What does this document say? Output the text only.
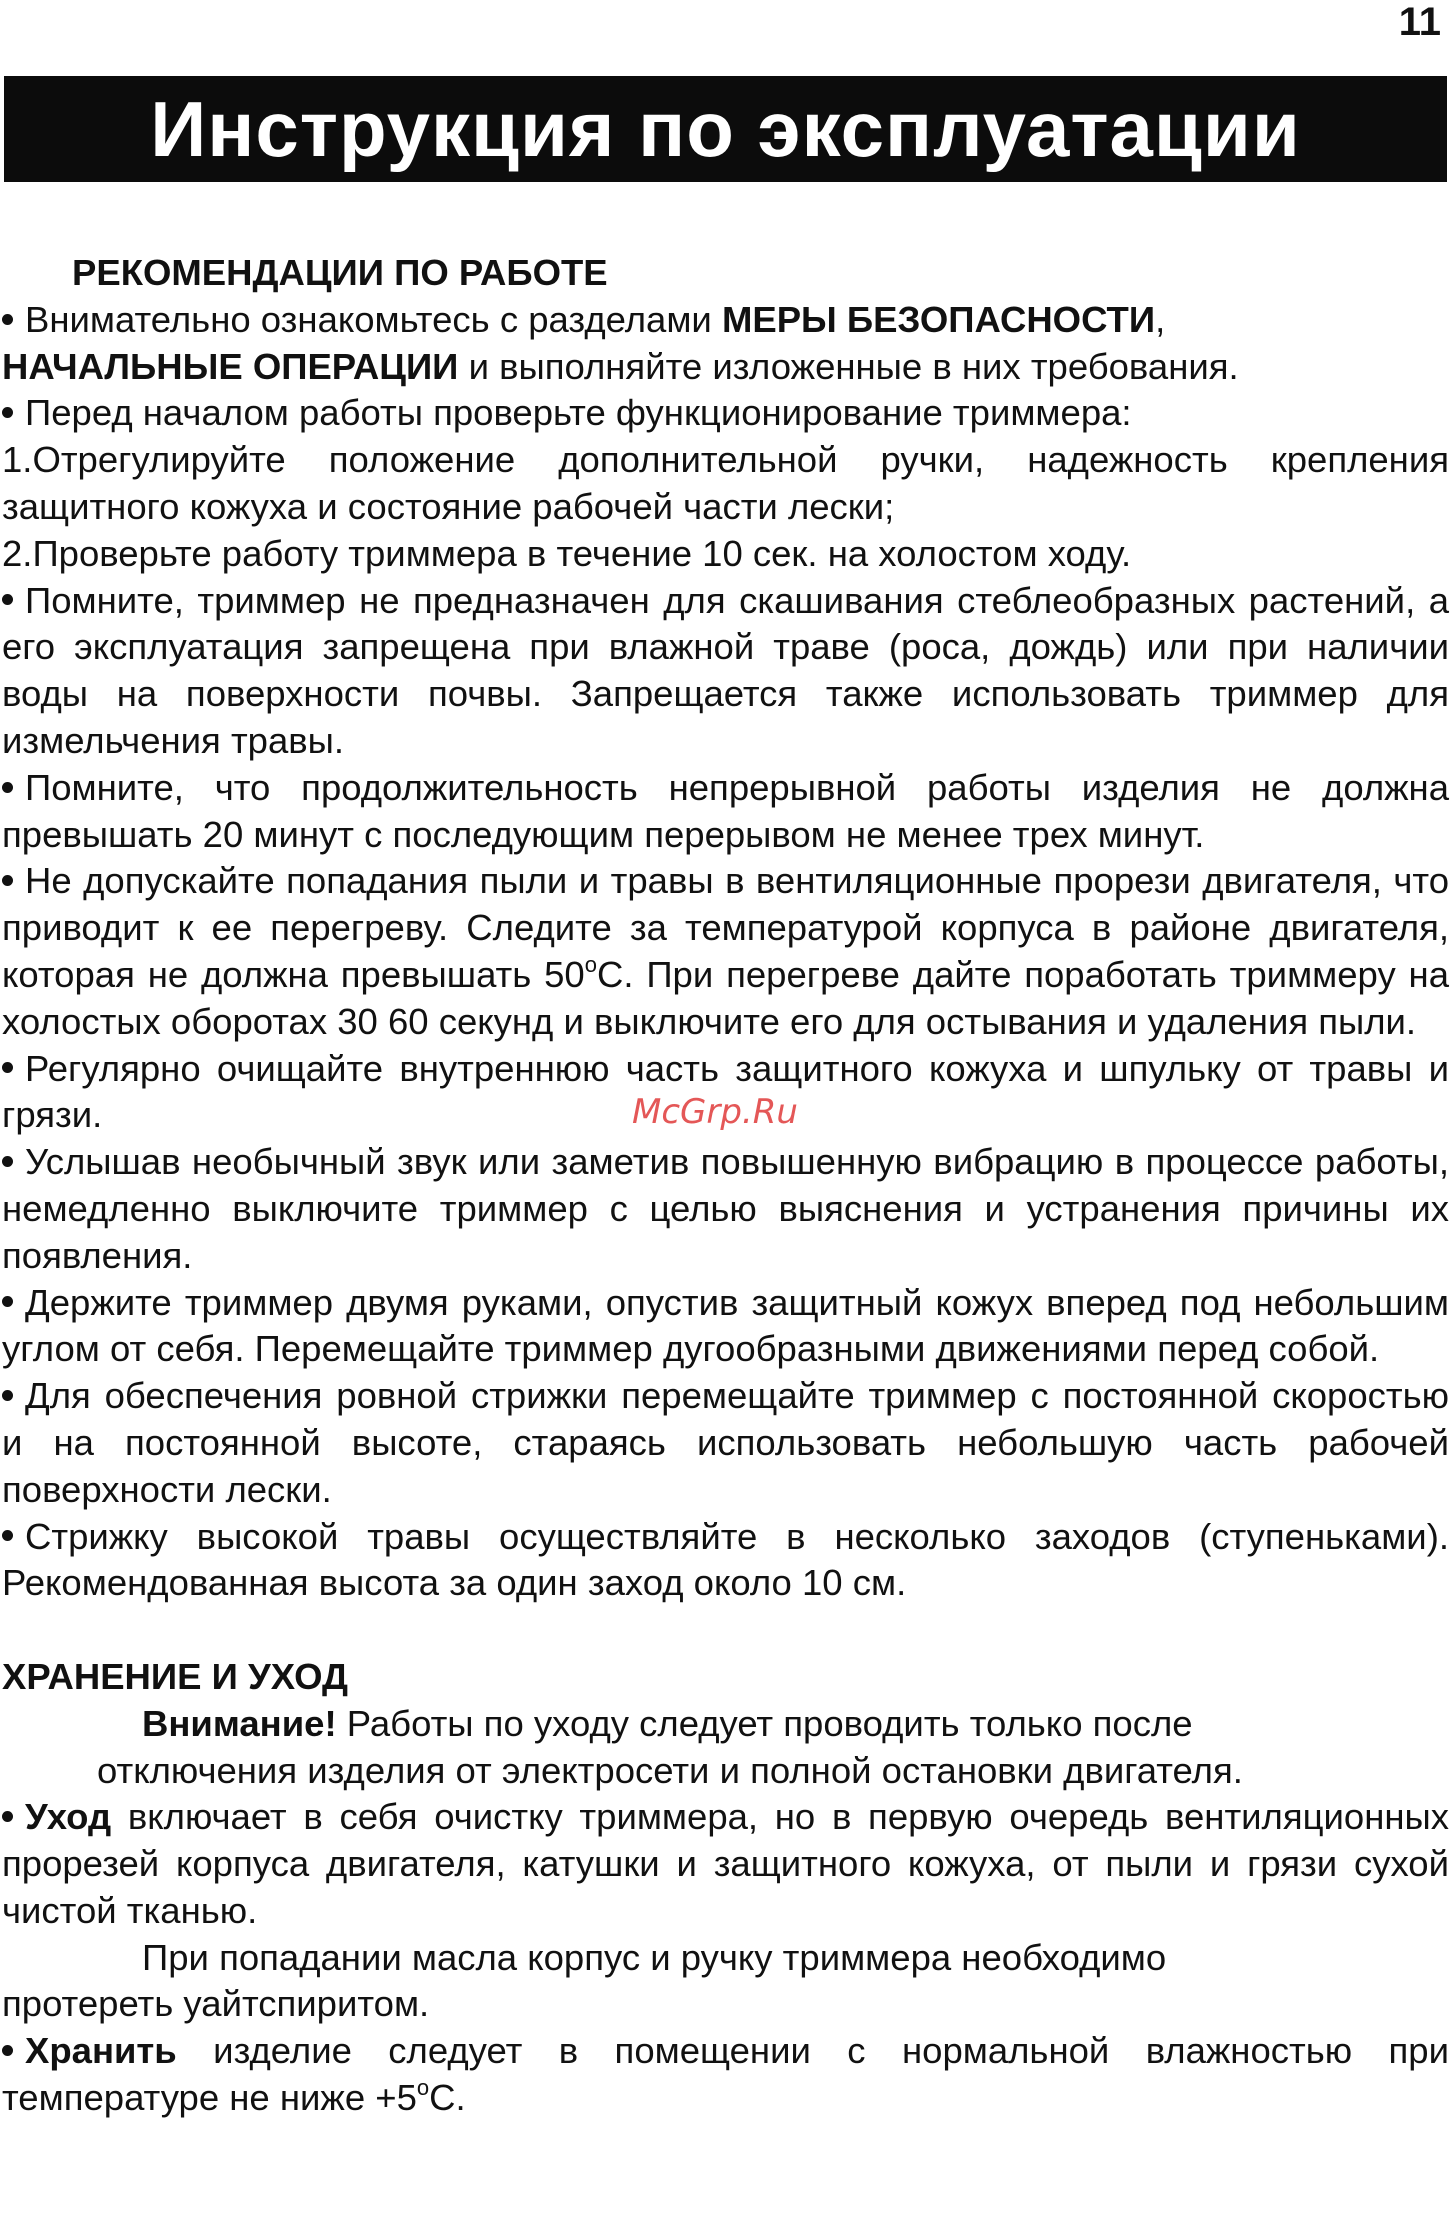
11
Инструкция по эксплуатации
РЕКОМЕНДАЦИИ ПО РАБОТЕ

Внимательно ознакомьтесь с разделами МЕРЫ БЕЗОПАСНОСТИ,
НАЧАЛЬНЫЕ ОПЕРАЦИИ и выполняйте изложенные в них требования.

Перед началом работы проверьте функционирование триммера:

1.Отрегулируйте положение дополнительной ручки, надежность крепления защитного кожуха и состояние рабочей части лески;

2.Проверьте работу триммера в течение 10 сек. на холостом ходу.

Помните, триммер не предназначен для скашивания стеблеобразных растений, а его эксплуатация запрещена при влажной траве (роса, дождь) или при наличии воды на поверхности почвы. Запрещается также использовать триммер для измельчения травы.

Помните, что продолжительность непрерывной работы изделия не должна превышать 20 минут с последующим перерывом не менее трех минут.

Не допускайте попадания пыли и травы в вентиляционные прорези двигателя, что приводит к ее перегреву. Следите за температурой корпуса в районе двигателя, которая не должна превышать $50^оС$. При перегреве дайте поработать триммеру на холостых оборотах 30 60 секунд и выключите его для остывания и удаления пыли.

Регулярно очищайте внутреннюю часть защитного кожуха и шпульку от травы и грязи.

Услышав необычный звук или заметив повышенную вибрацию в процессе работы, немедленно выключите триммер с целью выяснения и устранения причины их появления.

Держите триммер двумя руками, опустив защитный кожух вперед под небольшим углом от себя. Перемещайте триммер дугообразными движениями перед собой.

Для обеспечения ровной стрижки перемещайте триммер с постоянной скоростью и на постоянной высоте, стараясь использовать небольшую часть рабочей поверхности лески.

Стрижку высокой травы осуществляйте в несколько заходов (ступеньками). Рекомендованная высота за один заход около 10 см.

ХРАНЕНИЕ И УХОД

Внимание! Работы по уходу следует проводить только после

отключения изделия от электросети и полной остановки двигателя.

Уход включает в себя очистку триммера, но в первую очередь вентиляционных прорезей корпуса двигателя, катушки и защитного кожуха, от пыли и грязи сухой чистой тканью.

При попадании масла корпус и ручку триммера необходимо

протереть уайтспиритом.

Хранить изделие следует в помещении с нормальной влажностью при температуре не ниже $+5^оС$.

McGrp.Ru
